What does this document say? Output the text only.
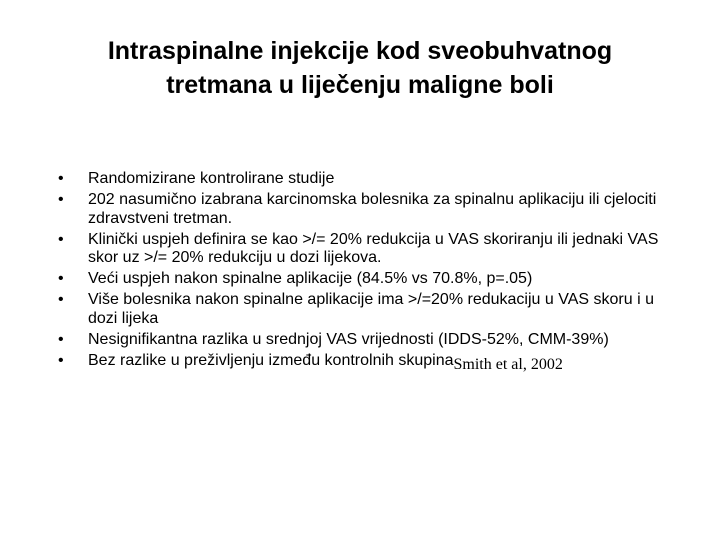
Intraspinalne injekcije kod sveobuhvatnog
tretmana u liječenju maligne boli
• Randomizirane kontrolirane studije
• 202 nasumično izabrana karcinomska bolesnika za spinalnu aplikaciju ili cjelociti zdravstveni tretman.
• Klinički uspjeh definira se kao >/= 20% redukcija u VAS skoriranju ili jednaki VAS skor uz >/= 20% redukciju u dozi lijekova.
• Veći uspjeh nakon spinalne aplikacije (84.5% vs 70.8%, p=.05)
• Više bolesnika nakon spinalne aplikacije ima >/=20% redukaciju u VAS skoru i u dozi lijeka
• Nesignifikantna razlika u srednjoj VAS vrijednosti (IDDS-52%, CMM-39%)
• Bez razlike u preživljenju između kontrolnih skupinaSmith et al, 2002
